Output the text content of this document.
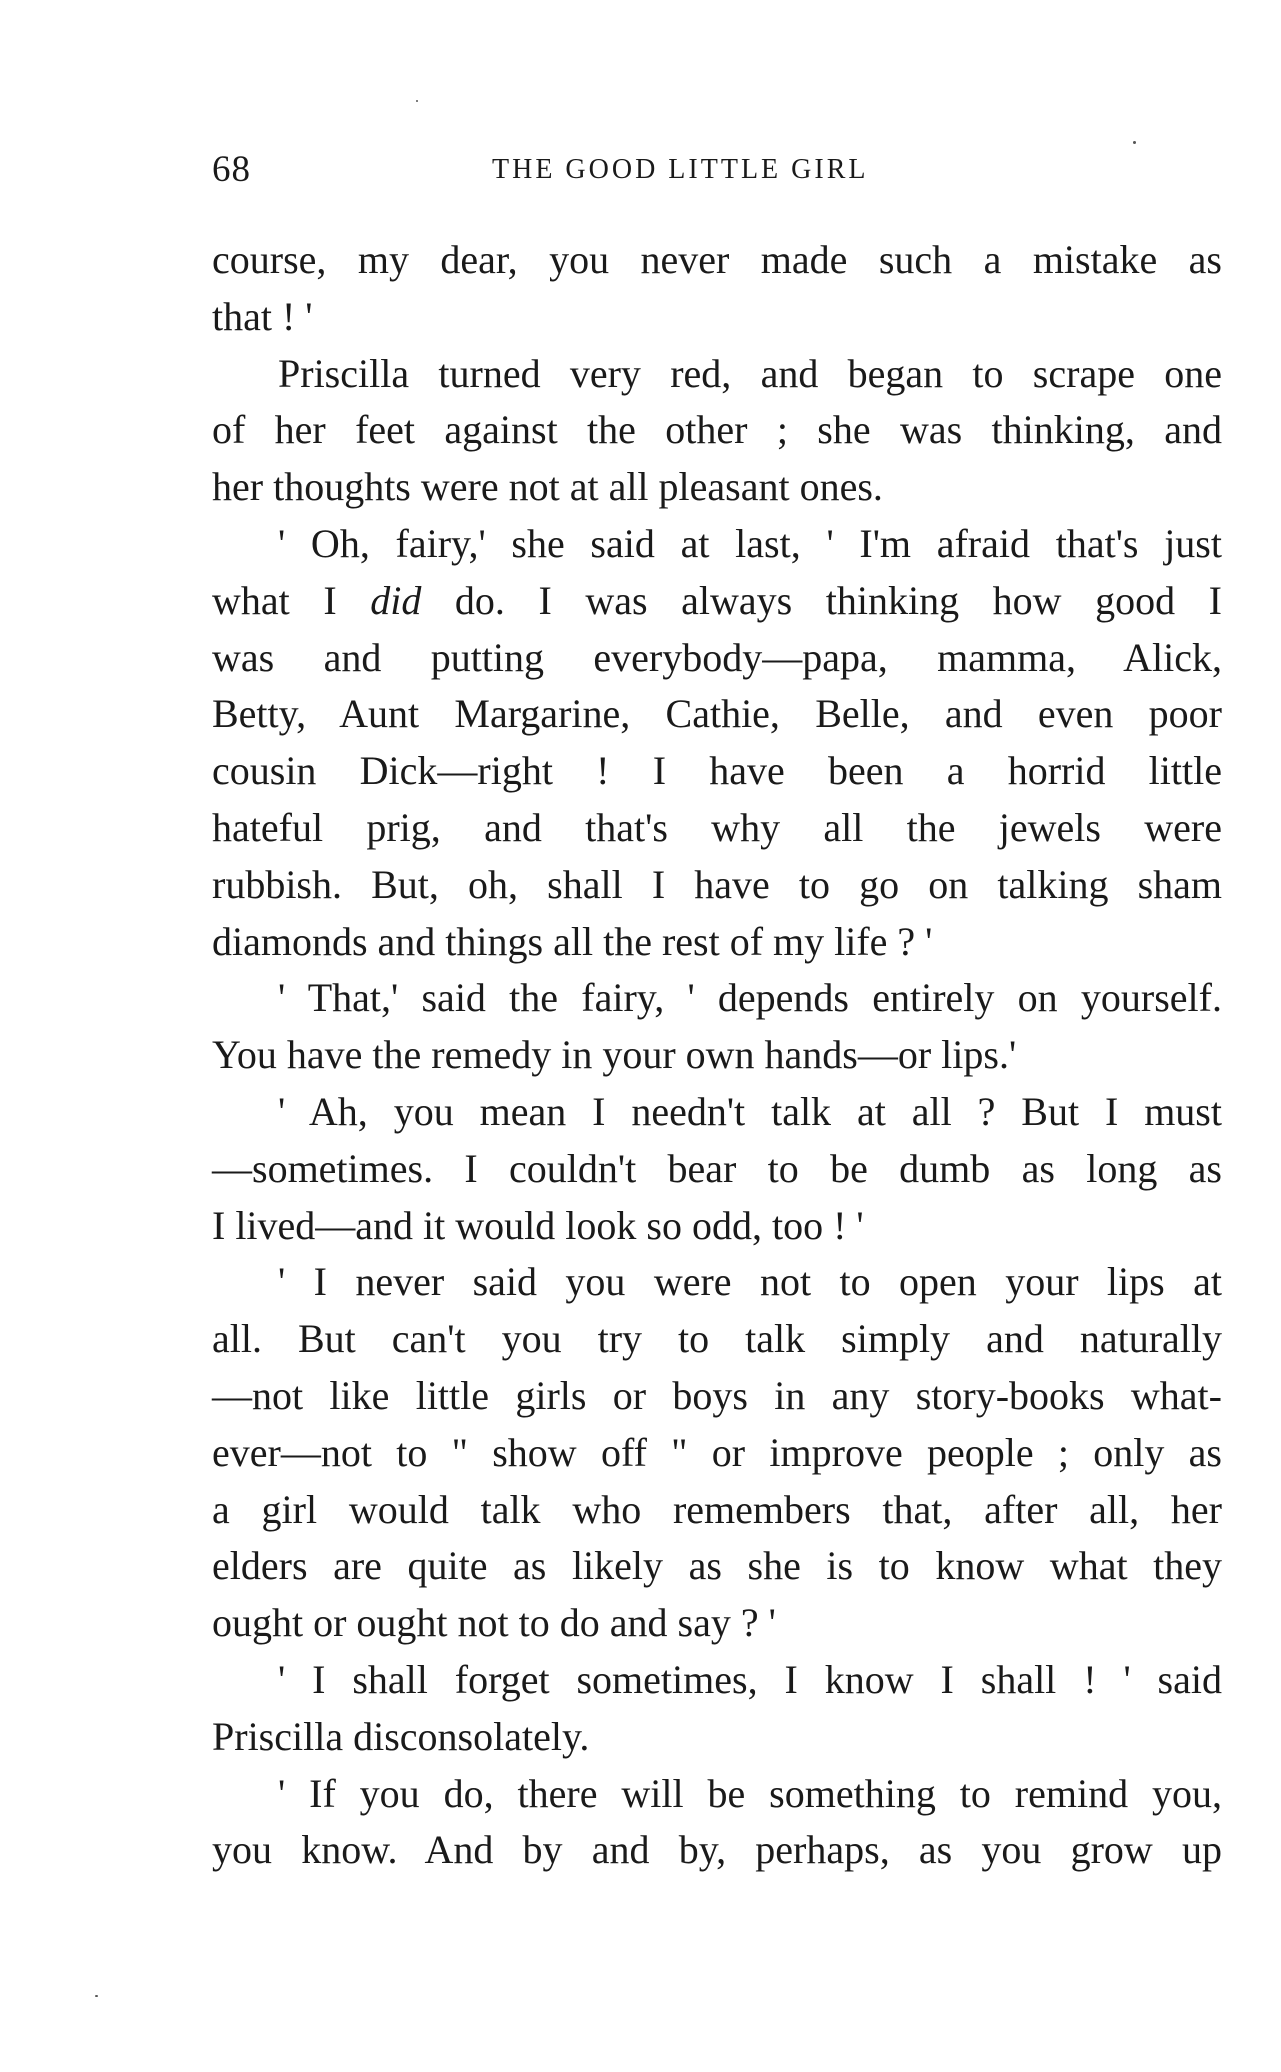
68	THE GOOD LITTLE GIRL
course, my dear, you never made such a mistake as
that ! '
Priscilla turned very red, and began to scrape one
of her feet against the other ; she was thinking, and
her thoughts were not at all pleasant ones.
' Oh, fairy,' she said at last, ' I'm afraid that's just
what I did do. I was always thinking how good I
was and putting everybody—papa, mamma, Alick,
Betty, Aunt Margarine, Cathie, Belle, and even poor
cousin Dick—right ! I have been a horrid little
hateful prig, and that's why all the jewels were
rubbish. But, oh, shall I have to go on talking sham
diamonds and things all the rest of my life ? '
' That,' said the fairy, ' depends entirely on yourself.
You have the remedy in your own hands—or lips.'
' Ah, you mean I needn't talk at all ? But I must
—sometimes. I couldn't bear to be dumb as long as
I lived—and it would look so odd, too ! '
' I never said you were not to open your lips at
all. But can't you try to talk simply and naturally
—not like little girls or boys in any story-books what-
ever—not to " show off " or improve people ; only as
a girl would talk who remembers that, after all, her
elders are quite as likely as she is to know what they
ought or ought not to do and say ? '
' I shall forget sometimes, I know I shall ! ' said
Priscilla disconsolately.
' If you do, there will be something to remind you,
you know. And by and by, perhaps, as you grow up
